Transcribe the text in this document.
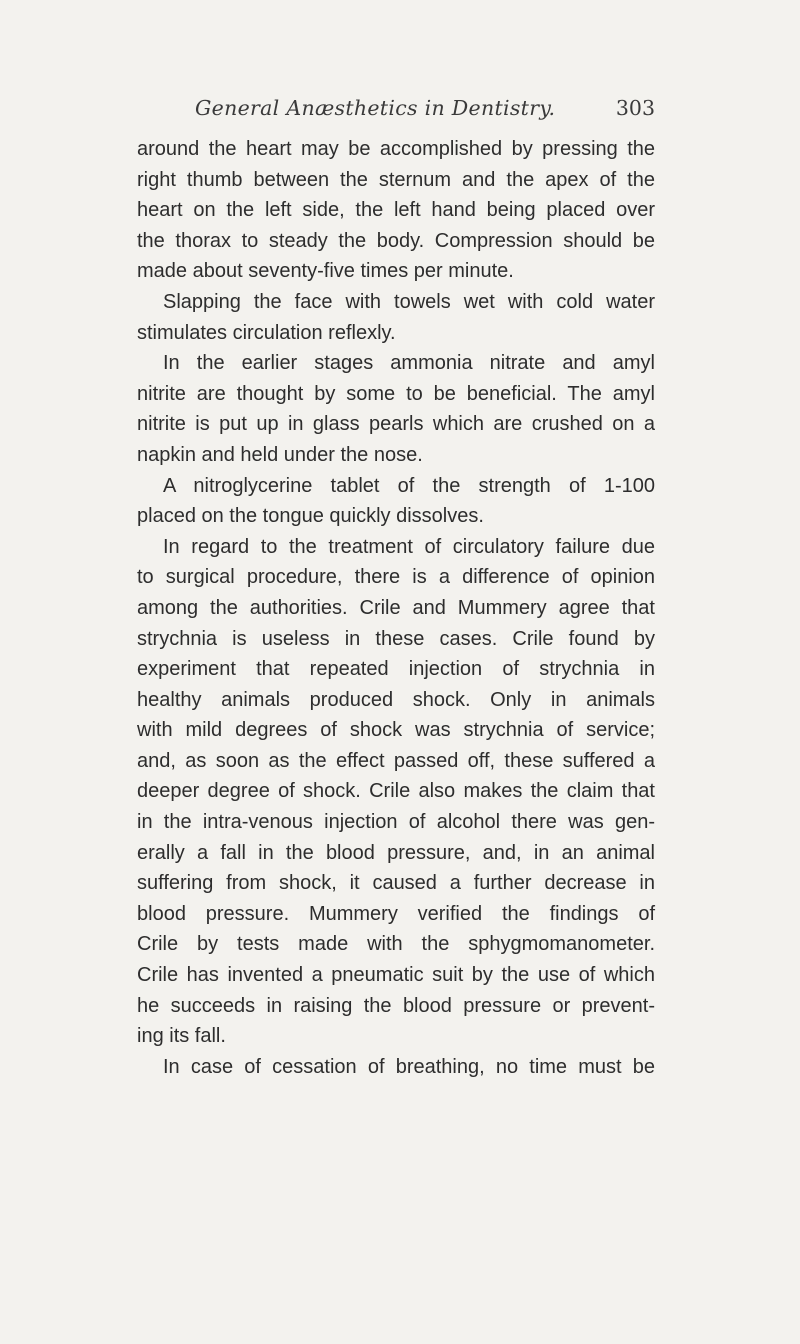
General Anæsthetics in Dentistry.	303
around the heart may be accomplished by pressing the
right thumb between the sternum and the apex of the
heart on the left side, the left hand being placed over
the thorax to steady the body. Compression should be
made about seventy-five times per minute.
Slapping the face with towels wet with cold water
stimulates circulation reflexly.
In the earlier stages ammonia nitrate and amyl
nitrite are thought by some to be beneficial. The amyl
nitrite is put up in glass pearls which are crushed on a
napkin and held under the nose.
A nitroglycerine tablet of the strength of 1-100
placed on the tongue quickly dissolves.
In regard to the treatment of circulatory failure due
to surgical procedure, there is a difference of opinion
among the authorities. Crile and Mummery agree that
strychnia is useless in these cases. Crile found by
experiment that repeated injection of strychnia in
healthy animals produced shock. Only in animals
with mild degrees of shock was strychnia of service;
and, as soon as the effect passed off, these suffered a
deeper degree of shock. Crile also makes the claim that
in the intra-venous injection of alcohol there was gen-
erally a fall in the blood pressure, and, in an animal
suffering from shock, it caused a further decrease in
blood pressure. Mummery verified the findings of
Crile by tests made with the sphygmomanometer.
Crile has invented a pneumatic suit by the use of which
he succeeds in raising the blood pressure or prevent-
ing its fall.
In case of cessation of breathing, no time must be
